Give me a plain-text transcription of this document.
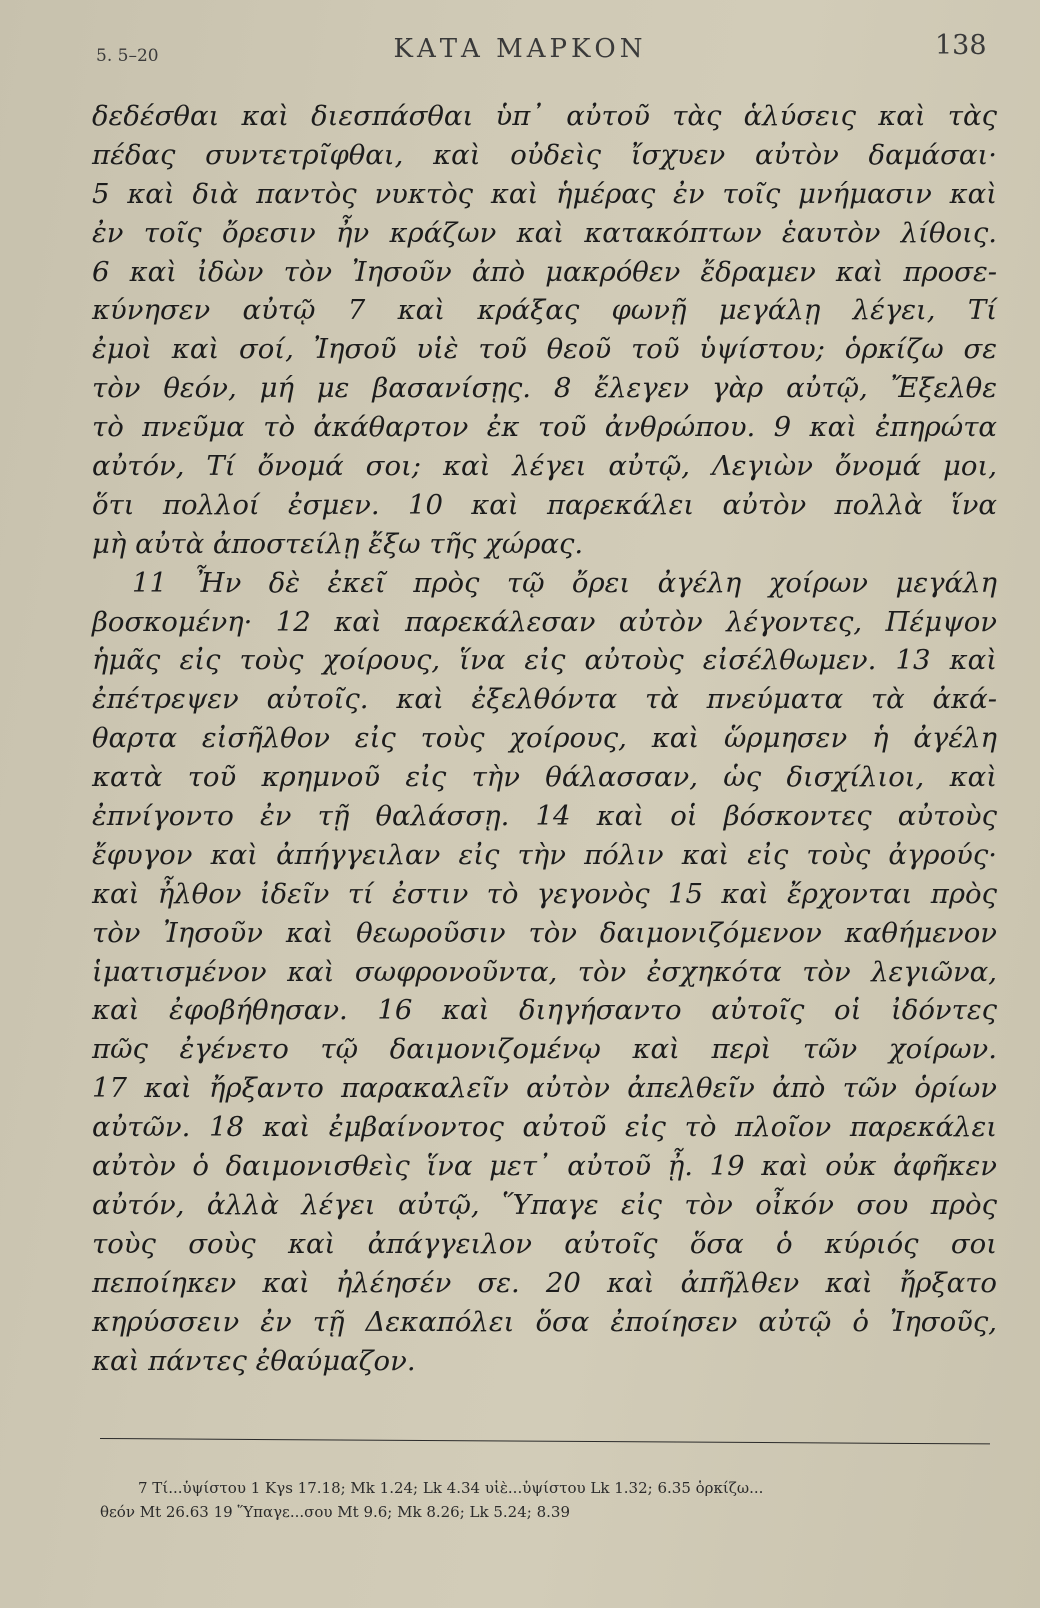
5. 5–20	ΚΑΤΑ ΜΑΡΚΟΝ	138
δεδέσθαι καὶ διεσπάσθαι ὑπ᾽ αὐτοῦ τὰς ἁλύσεις καὶ τὰς
πέδας συντετρῖφθαι, καὶ οὐδεὶς ἴσχυεν αὐτὸν δαμάσαι·
5 καὶ διὰ παντὸς νυκτὸς καὶ ἡμέρας ἐν τοῖς μνήμασιν καὶ
ἐν τοῖς ὄρεσιν ἦν κράζων καὶ κατακόπτων ἑαυτὸν λίθοις.
6 καὶ ἰδὼν τὸν Ἰησοῦν ἀπὸ μακρόθεν ἔδραμεν καὶ προσε-
κύνησεν αὐτῷ 7 καὶ κράξας φωνῇ μεγάλῃ λέγει, Τί
ἐμοὶ καὶ σοί, Ἰησοῦ υἱὲ τοῦ θεοῦ τοῦ ὑψίστου; ὁρκίζω σε
τὸν θεόν, μή με βασανίσῃς. 8 ἔλεγεν γὰρ αὐτῷ, Ἔξελθε
τὸ πνεῦμα τὸ ἀκάθαρτον ἐκ τοῦ ἀνθρώπου. 9 καὶ ἐπηρώτα
αὐτόν, Τί ὄνομά σοι; καὶ λέγει αὐτῷ, Λεγιὼν ὄνομά μοι,
ὅτι πολλοί ἐσμεν. 10 καὶ παρεκάλει αὐτὸν πολλὰ ἵνα
μὴ αὐτὰ ἀποστείλῃ ἔξω τῆς χώρας.
11 Ἦν δὲ ἐκεῖ πρὸς τῷ ὄρει ἀγέλη χοίρων μεγάλη
βοσκομένη· 12 καὶ παρεκάλεσαν αὐτὸν λέγοντες, Πέμψον
ἡμᾶς εἰς τοὺς χοίρους, ἵνα εἰς αὐτοὺς εἰσέλθωμεν. 13 καὶ
ἐπέτρεψεν αὐτοῖς. καὶ ἐξελθόντα τὰ πνεύματα τὰ ἀκά-
θαρτα εἰσῆλθον εἰς τοὺς χοίρους, καὶ ὥρμησεν ἡ ἀγέλη
κατὰ τοῦ κρημνοῦ εἰς τὴν θάλασσαν, ὡς δισχίλιοι, καὶ
ἐπνίγοντο ἐν τῇ θαλάσσῃ. 14 καὶ οἱ βόσκοντες αὐτοὺς
ἔφυγον καὶ ἀπήγγειλαν εἰς τὴν πόλιν καὶ εἰς τοὺς ἀγρούς·
καὶ ἦλθον ἰδεῖν τί ἐστιν τὸ γεγονὸς 15 καὶ ἔρχονται πρὸς
τὸν Ἰησοῦν καὶ θεωροῦσιν τὸν δαιμονιζόμενον καθήμενον
ἱματισμένον καὶ σωφρονοῦντα, τὸν ἐσχηκότα τὸν λεγιῶνα,
καὶ ἐφοβήθησαν. 16 καὶ διηγήσαντο αὐτοῖς οἱ ἰδόντες
πῶς ἐγένετο τῷ δαιμονιζομένῳ καὶ περὶ τῶν χοίρων.
17 καὶ ἤρξαντο παρακαλεῖν αὐτὸν ἀπελθεῖν ἀπὸ τῶν ὁρίων
αὐτῶν. 18 καὶ ἐμβαίνοντος αὐτοῦ εἰς τὸ πλοῖον παρεκάλει
αὐτὸν ὁ δαιμονισθεὶς ἵνα μετ᾽ αὐτοῦ ᾖ. 19 καὶ οὐκ ἀφῆκεν
αὐτόν, ἀλλὰ λέγει αὐτῷ, Ὕπαγε εἰς τὸν οἶκόν σου πρὸς
τοὺς σοὺς καὶ ἀπάγγειλον αὐτοῖς ὅσα ὁ κύριός σοι
πεποίηκεν καὶ ἠλέησέν σε. 20 καὶ ἀπῆλθεν καὶ ἤρξατο
κηρύσσειν ἐν τῇ Δεκαπόλει ὅσα ἐποίησεν αὐτῷ ὁ Ἰησοῦς,
καὶ πάντες ἐθαύμαζον.
7 Τί...ὑψίστου 1 Κγs 17.18; Mk 1.24; Lk 4.34 υἱὲ...ὑψίστου Lk 1.32; 6.35 ὁρκίζω...
θεόν Mt 26.63 19 Ὕπαγε...σου Mt 9.6; Mk 8.26; Lk 5.24; 8.39
